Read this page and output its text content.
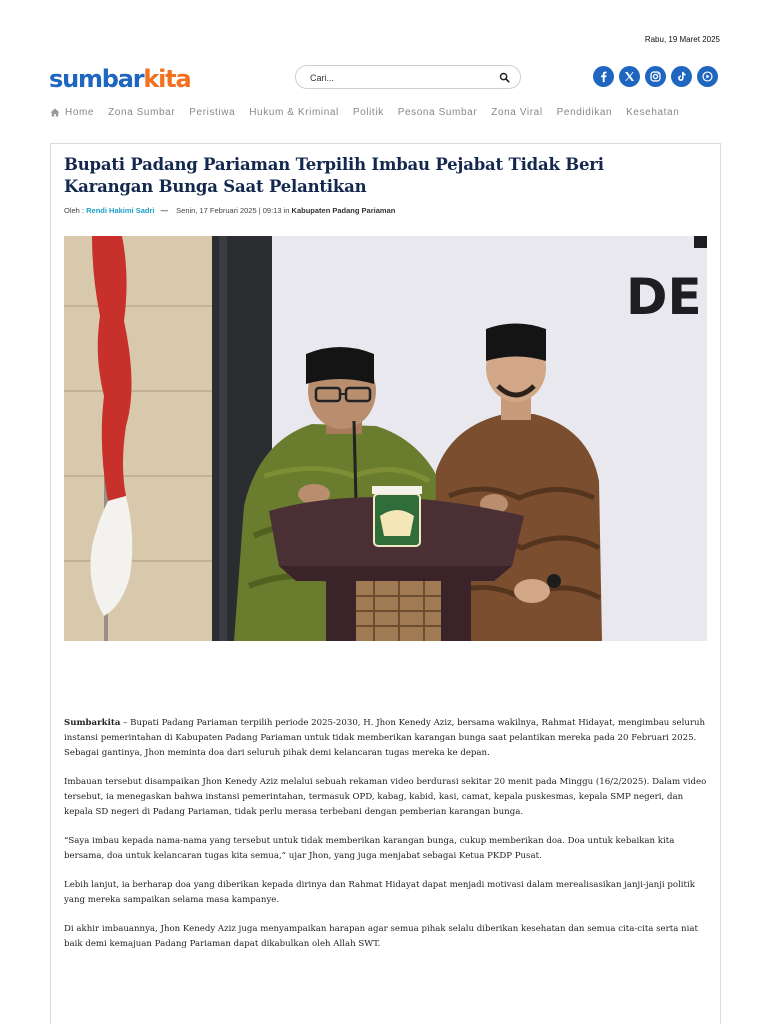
Rabu, 19 Maret 2025
sumbarkita
Cari...
Home Zona Sumbar Peristiwa Hukum & Kriminal Politik Pesona Sumbar Zona Viral Pendidikan Kesehatan
Bupati Padang Pariaman Terpilih Imbau Pejabat Tidak Beri Karangan Bunga Saat Pelantikan
Oleh : Rendi Hakimi Sadri — Senin, 17 Februari 2025 | 09:13 in Kabupaten Padang Pariaman
DE

Sumbarkita – Bupati Padang Pariaman terpilih periode 2025-2030, H. Jhon Kenedy Aziz, bersama wakilnya, Rahmat Hidayat, mengimbau seluruh instansi pemerintahan di Kabupaten Padang Pariaman untuk tidak memberikan karangan bunga saat pelantikan mereka pada 20 Februari 2025. Sebagai gantinya, Jhon meminta doa dari seluruh pihak demi kelancaran tugas mereka ke depan.

Imbauan tersebut disampaikan Jhon Kenedy Aziz melalui sebuah rekaman video berdurasi sekitar 20 menit pada Minggu (16/2/2025). Dalam video tersebut, ia menegaskan bahwa instansi pemerintahan, termasuk OPD, kabag, kabid, kasi, camat, kepala puskesmas, kepala SMP negeri, dan kepala SD negeri di Padang Pariaman, tidak perlu merasa terbebani dengan pemberian karangan bunga.

“Saya imbau kepada nama-nama yang tersebut untuk tidak memberikan karangan bunga, cukup memberikan doa. Doa untuk kebaikan kita bersama, doa untuk kelancaran tugas kita semua,” ujar Jhon, yang juga menjabat sebagai Ketua PKDP Pusat.

Lebih lanjut, ia berharap doa yang diberikan kepada dirinya dan Rahmat Hidayat dapat menjadi motivasi dalam merealisasikan janji-janji politik yang mereka sampaikan selama masa kampanye.

Di akhir imbauannya, Jhon Kenedy Aziz juga menyampaikan harapan agar semua pihak selalu diberikan kesehatan dan semua cita-cita serta niat baik demi kemajuan Padang Pariaman dapat dikabulkan oleh Allah SWT.
